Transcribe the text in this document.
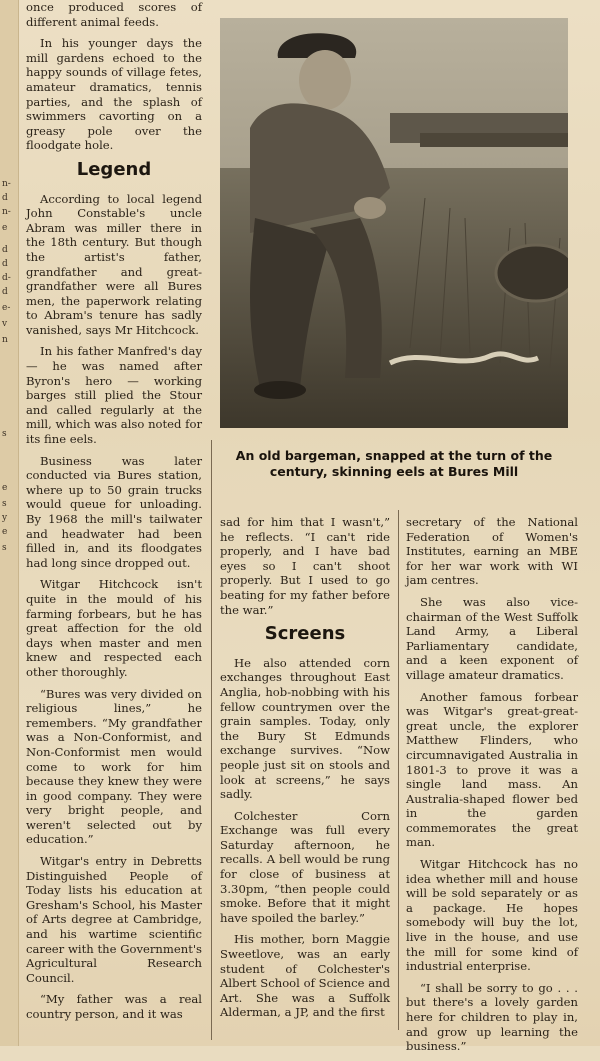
n-
d
n-
e
d
d
d-
d
e-
v
n
s
e
s
y
e
s

once produced scores of different animal feeds.

In his younger days the mill gardens echoed to the happy sounds of village fetes, amateur dramatics, tennis parties, and the splash of swimmers cavorting on a greasy pole over the floodgate hole.

Legend

According to local legend John Constable's uncle Abram was miller there in the 18th century. But though the artist's father, grandfather and great-grandfather were all Bures men, the paperwork relating to Abram's tenure has sadly vanished, says Mr Hitchcock.

In his father Manfred's day — he was named after Byron's hero — working barges still plied the Stour and called regularly at the mill, which was also noted for its fine eels.

Business was later conducted via Bures station, where up to 50 grain trucks would queue for unloading. By 1968 the mill's tailwater and headwater had been filled in, and its floodgates had long since dropped out.

Witgar Hitchcock isn't quite in the mould of his farming forbears, but he has great affection for the old days when master and men knew and respected each other thoroughly.

“Bures was very divided on religious lines,” he remembers. “My grandfather was a Non-Conformist, and Non-Conformist men would come to work for him because they knew they were in good company. They were very bright people, and weren't selected out by education.”

Witgar's entry in Debretts Distinguished People of Today lists his education at Gresham's School, his Master of Arts degree at Cambridge, and his wartime scientific career with the Government's Agricultural Research Council.

“My father was a real country person, and it was

An old bargeman, snapped at the turn of the century, skinning eels at Bures Mill

sad for him that I wasn't,” he reflects. “I can't ride properly, and I have bad eyes so I can't shoot properly. But I used to go beating for my father before the war.”

Screens

He also attended corn exchanges throughout East Anglia, hob-nobbing with his fellow countrymen over the grain samples. Today, only the Bury St Edmunds exchange survives. “Now people just sit on stools and look at screens,” he says sadly.

Colchester Corn Exchange was full every Saturday afternoon, he recalls. A bell would be rung for close of business at 3.30pm, “then people could smoke. Before that it might have spoiled the barley.”

His mother, born Maggie Sweetlove, was an early student of Colchester's Albert School of Science and Art. She was a Suffolk Alderman, a JP, and the first

secretary of the National Federation of Women's Institutes, earning an MBE for her war work with WI jam centres.

She was also vice-chairman of the West Suffolk Land Army, a Liberal Parliamentary candidate, and a keen exponent of village amateur dramatics.

Another famous forbear was Witgar's great-great-great uncle, the explorer Matthew Flinders, who circumnavigated Australia in 1801-3 to prove it was a single land mass. An Australia-shaped flower bed in the garden commemorates the great man.

Witgar Hitchcock has no idea whether mill and house will be sold separately or as a package. He hopes somebody will buy the lot, live in the house, and use the mill for some kind of industrial enterprise.

“I shall be sorry to go . . . but there's a lovely garden here for children to play in, and grow up learning the business.”
